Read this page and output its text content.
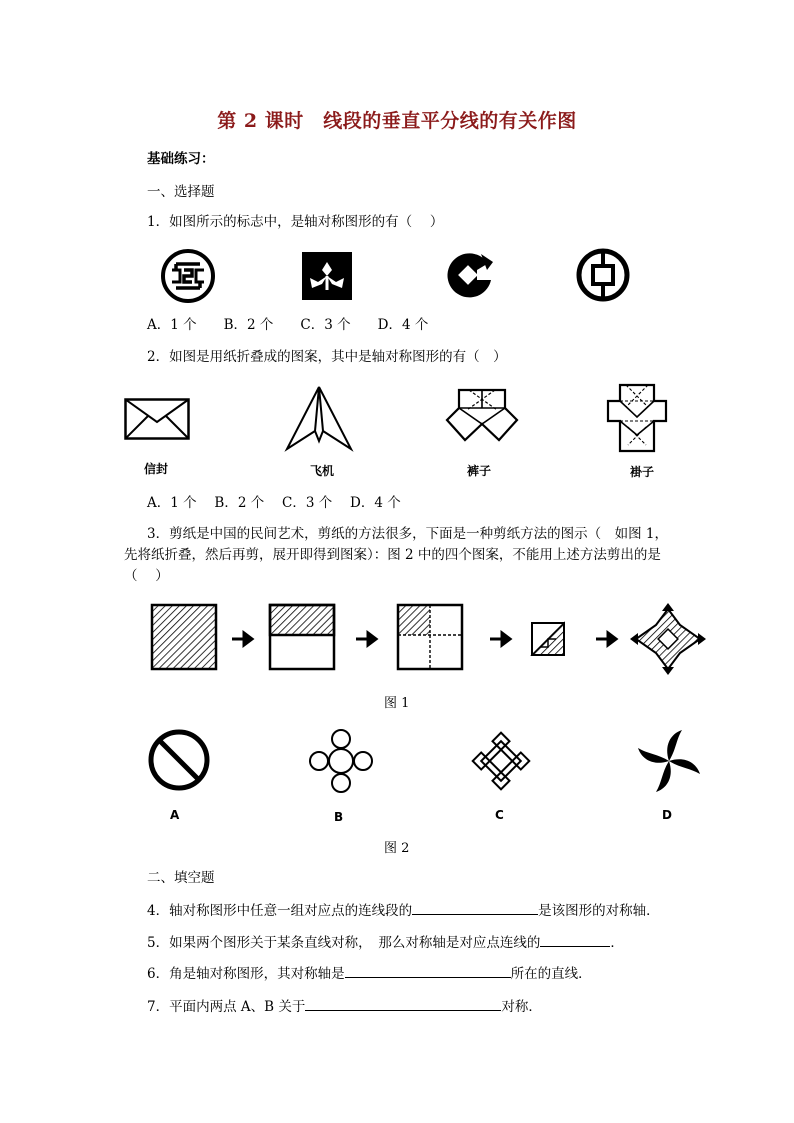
第 2 课时　线段的垂直平分线的有关作图
基础练习：
一、选择题
1．如图所示的标志中，是轴对称图形的有（　 ）
A．1 个　　B．2 个　　C．3 个　　D．4 个
2．如图是用纸折叠成的图案，其中是轴对称图形的有（　）
信封	飞机	裤子	褂子
A．1 个　 B．2 个　 C．3 个　 D．4 个
3．剪纸是中国的民间艺术，剪纸的方法很多，下面是一种剪纸方法的图示（　如图 1，
先将纸折叠，然后再剪，展开即得到图案）：图 2 中的四个图案，不能用上述方法剪出的是
（　 ）
图 1
A	B	C	D
图 2
二、填空题
4．轴对称图形中任意一组对应点的连线段的	是该图形的对称轴．
5．如果两个图形关于某条直线对称，　那么对称轴是对应点连线的	．
6．角是轴对称图形，其对称轴是	所在的直线．
7．平面内两点 A、B 关于	对称．
